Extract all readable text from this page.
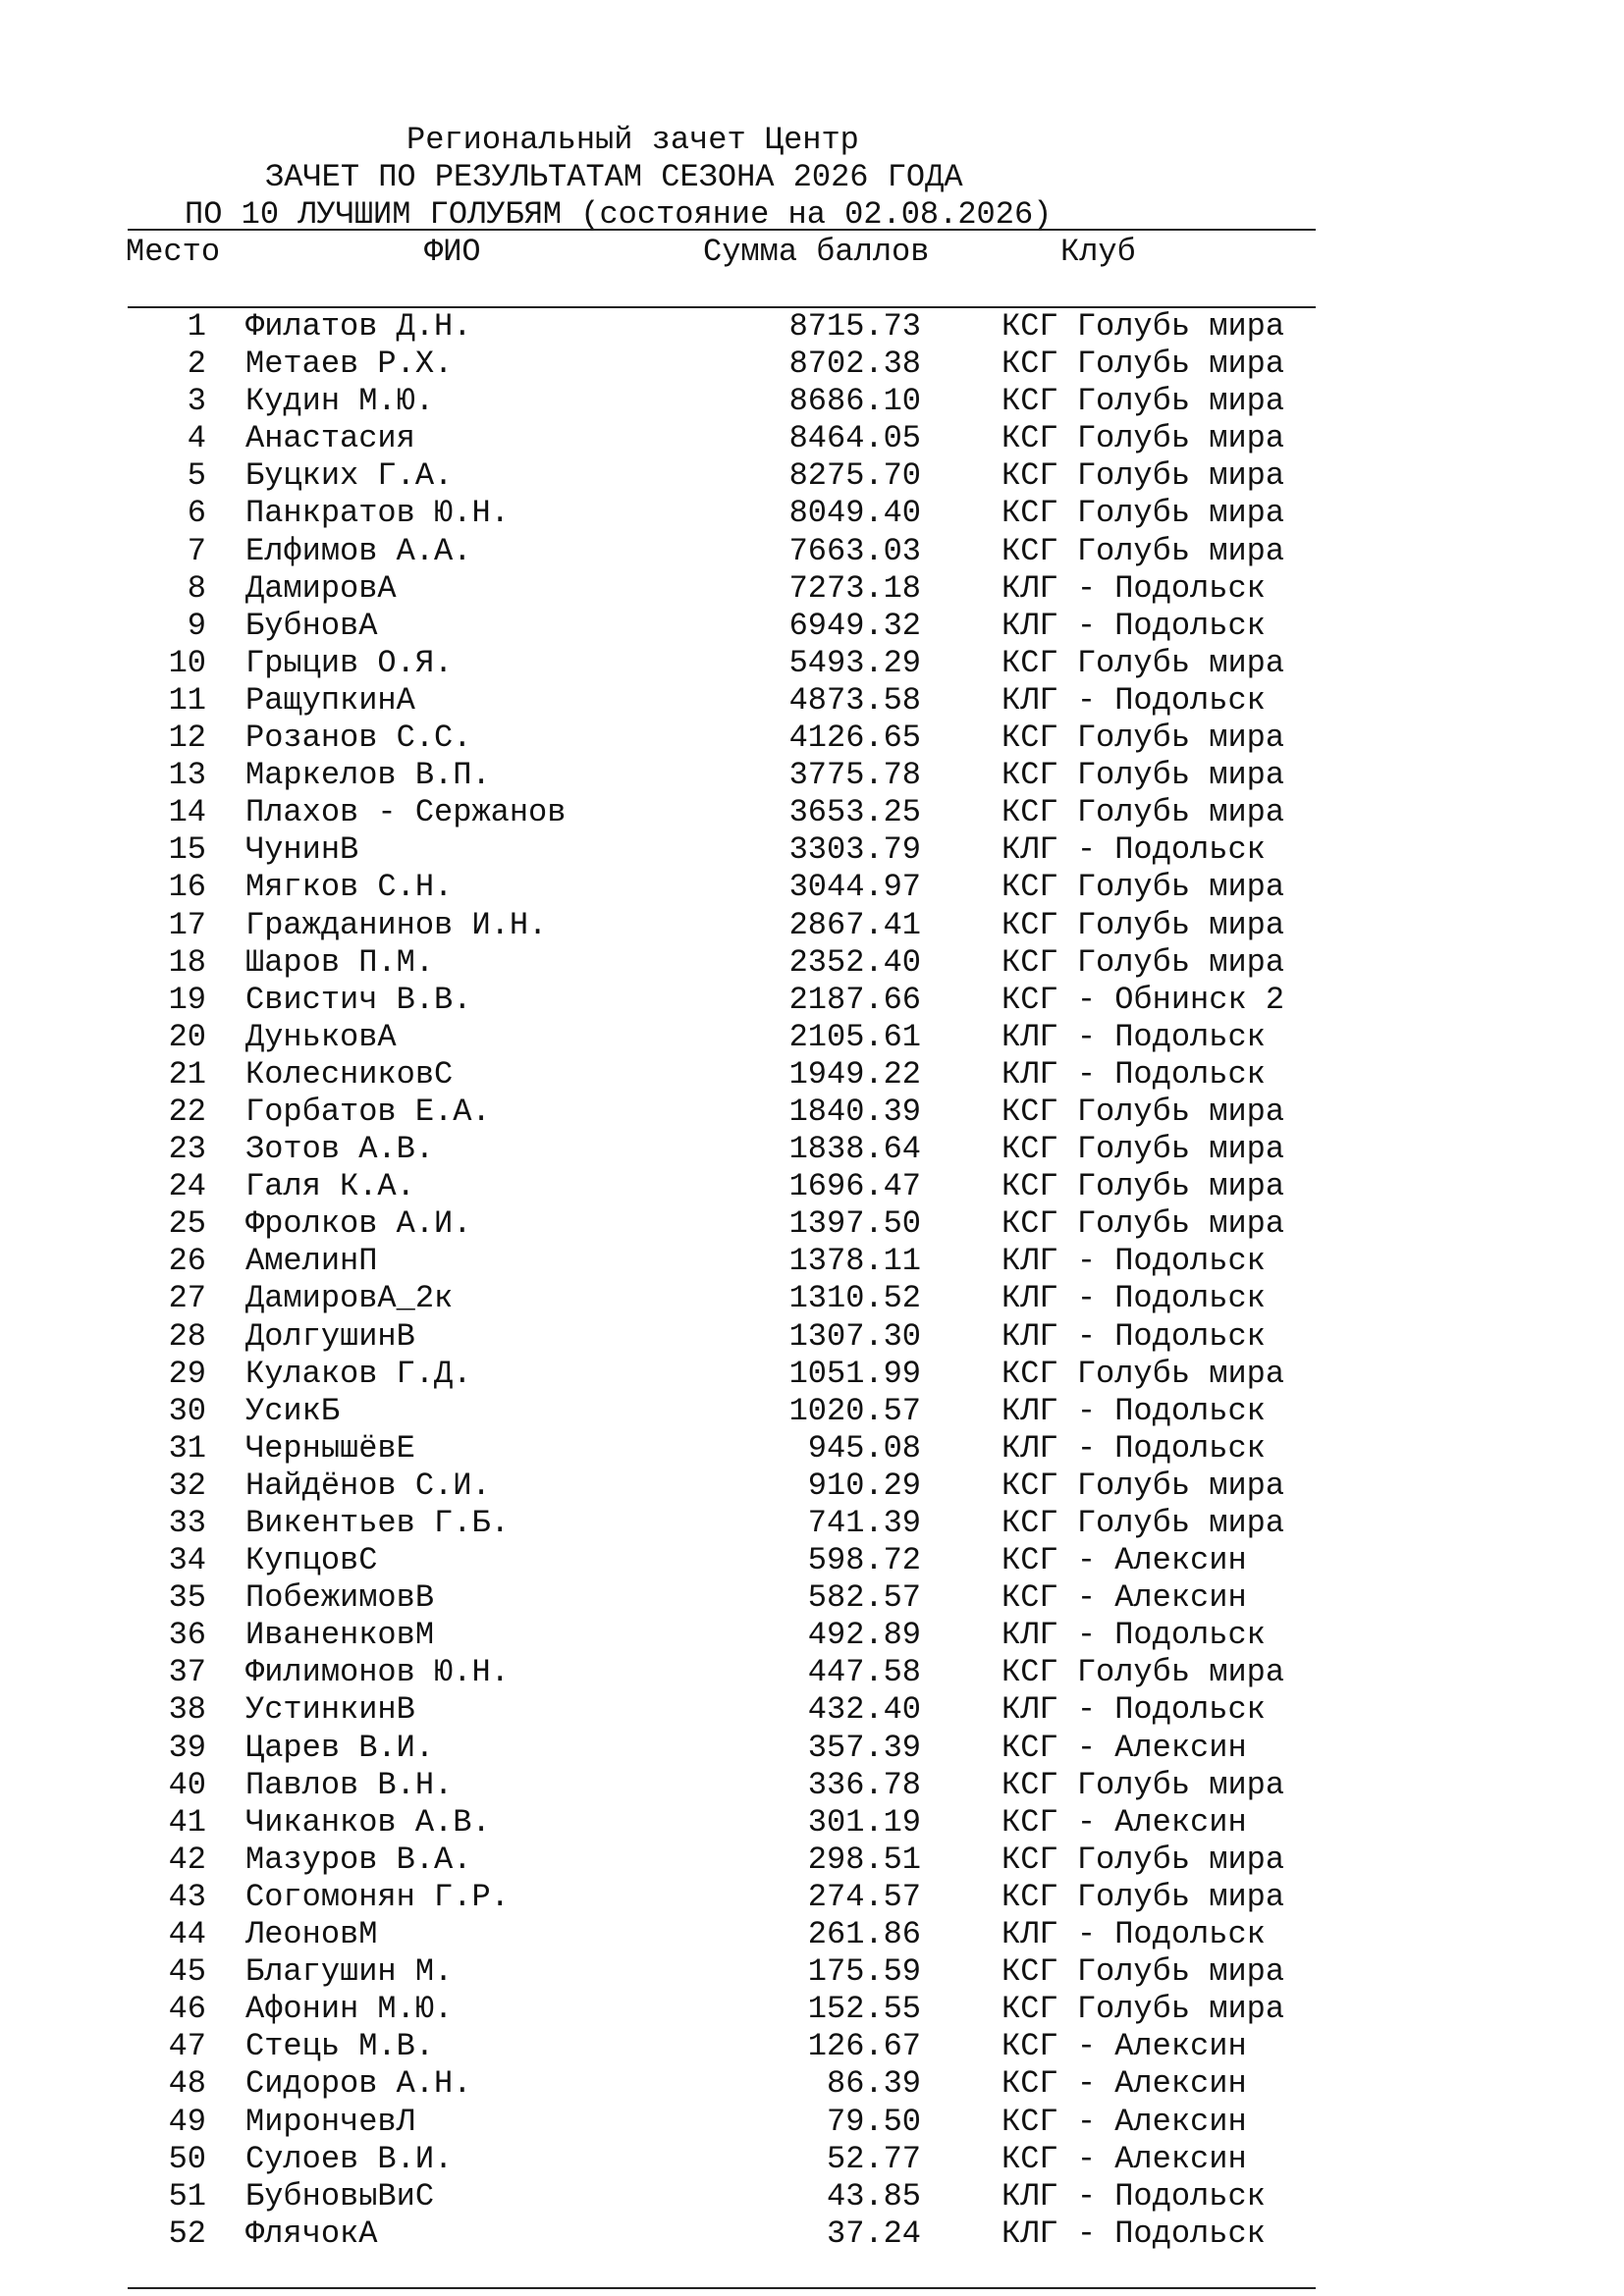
Региональный зачет Центр

ЗАЧЕТ ПО РЕЗУЛЬТАТАМ СЕЗОНА 2026 ГОДА

ПО 10 ЛУЧШИМ ГОЛУБЯМ (состояние на 02.08.2026)

Место	ФИО	Сумма баллов	Клуб
1 Филатов Д.Н.	8715.73	КСГ Голубь мира
2 Метаев Р.Х.	8702.38	КСГ Голубь мира
3 Кудин М.Ю.	8686.10	КСГ Голубь мира
4 Анастасия	8464.05	КСГ Голубь мира
5 Буцких Г.А.	8275.70	КСГ Голубь мира
6 Панкратов Ю.Н.	8049.40	КСГ Голубь мира
7 Елфимов А.А.	7663.03	КСГ Голубь мира
8 ДамировА	7273.18	КЛГ - Подольск
9 БубновА	6949.32	КЛГ - Подольск
10 Грыцив О.Я.	5493.29	КСГ Голубь мира
11 РащупкинА	4873.58	КЛГ - Подольск
12 Розанов С.С.	4126.65	КСГ Голубь мира
13 Маркелов В.П.	3775.78	КСГ Голубь мира
14 Плахов - Сержанов	3653.25	КСГ Голубь мира
15 ЧунинВ	3303.79	КЛГ - Подольск
16 Мягков С.Н.	3044.97	КСГ Голубь мира
17 Гражданинов И.Н.	2867.41	КСГ Голубь мира
18 Шаров П.М.	2352.40	КСГ Голубь мира
19 Свистич В.В.	2187.66	КСГ - Обнинск 2
20 ДуньковА	2105.61	КЛГ - Подольск
21 КолесниковС	1949.22	КЛГ - Подольск
22 Горбатов Е.А.	1840.39	КСГ Голубь мира
23 Зотов А.В.	1838.64	КСГ Голубь мира
24 Галя К.А.	1696.47	КСГ Голубь мира
25 Фролков А.И.	1397.50	КСГ Голубь мира
26 АмелинП	1378.11	КЛГ - Подольск
27 ДамировА_2к	1310.52	КЛГ - Подольск
28 ДолгушинВ	1307.30	КЛГ - Подольск
29 Кулаков Г.Д.	1051.99	КСГ Голубь мира
30 УсикБ	1020.57	КЛГ - Подольск
31 ЧернышёвЕ	945.08	КЛГ - Подольск
32 Найдёнов С.И.	910.29	КСГ Голубь мира
33 Викентьев Г.Б.	741.39	КСГ Голубь мира
34 КупцовС	598.72	КСГ - Алексин
35 ПобежимовВ	582.57	КСГ - Алексин
36 ИваненковМ	492.89	КЛГ - Подольск
37 Филимонов Ю.Н.	447.58	КСГ Голубь мира
38 УстинкинВ	432.40	КЛГ - Подольск
39 Царев В.И.	357.39	КСГ - Алексин
40 Павлов В.Н.	336.78	КСГ Голубь мира
41 Чиканков А.В.	301.19	КСГ - Алексин
42 Мазуров В.А.	298.51	КСГ Голубь мира
43 Согомонян Г.Р.	274.57	КСГ Голубь мира
44 ЛеоновМ	261.86	КЛГ - Подольск
45 Благушин М.	175.59	КСГ Голубь мира
46 Афонин М.Ю.	152.55	КСГ Голубь мира
47 Стець М.В.	126.67	КСГ - Алексин
48 Сидоров А.Н.	86.39	КСГ - Алексин
49 МирончевЛ	79.50	КСГ - Алексин
50 Сулоев В.И.	52.77	КСГ - Алексин
51 БубновыВиС	43.85	КЛГ - Подольск
52 ФлячокА	37.24	КЛГ - Подольск
